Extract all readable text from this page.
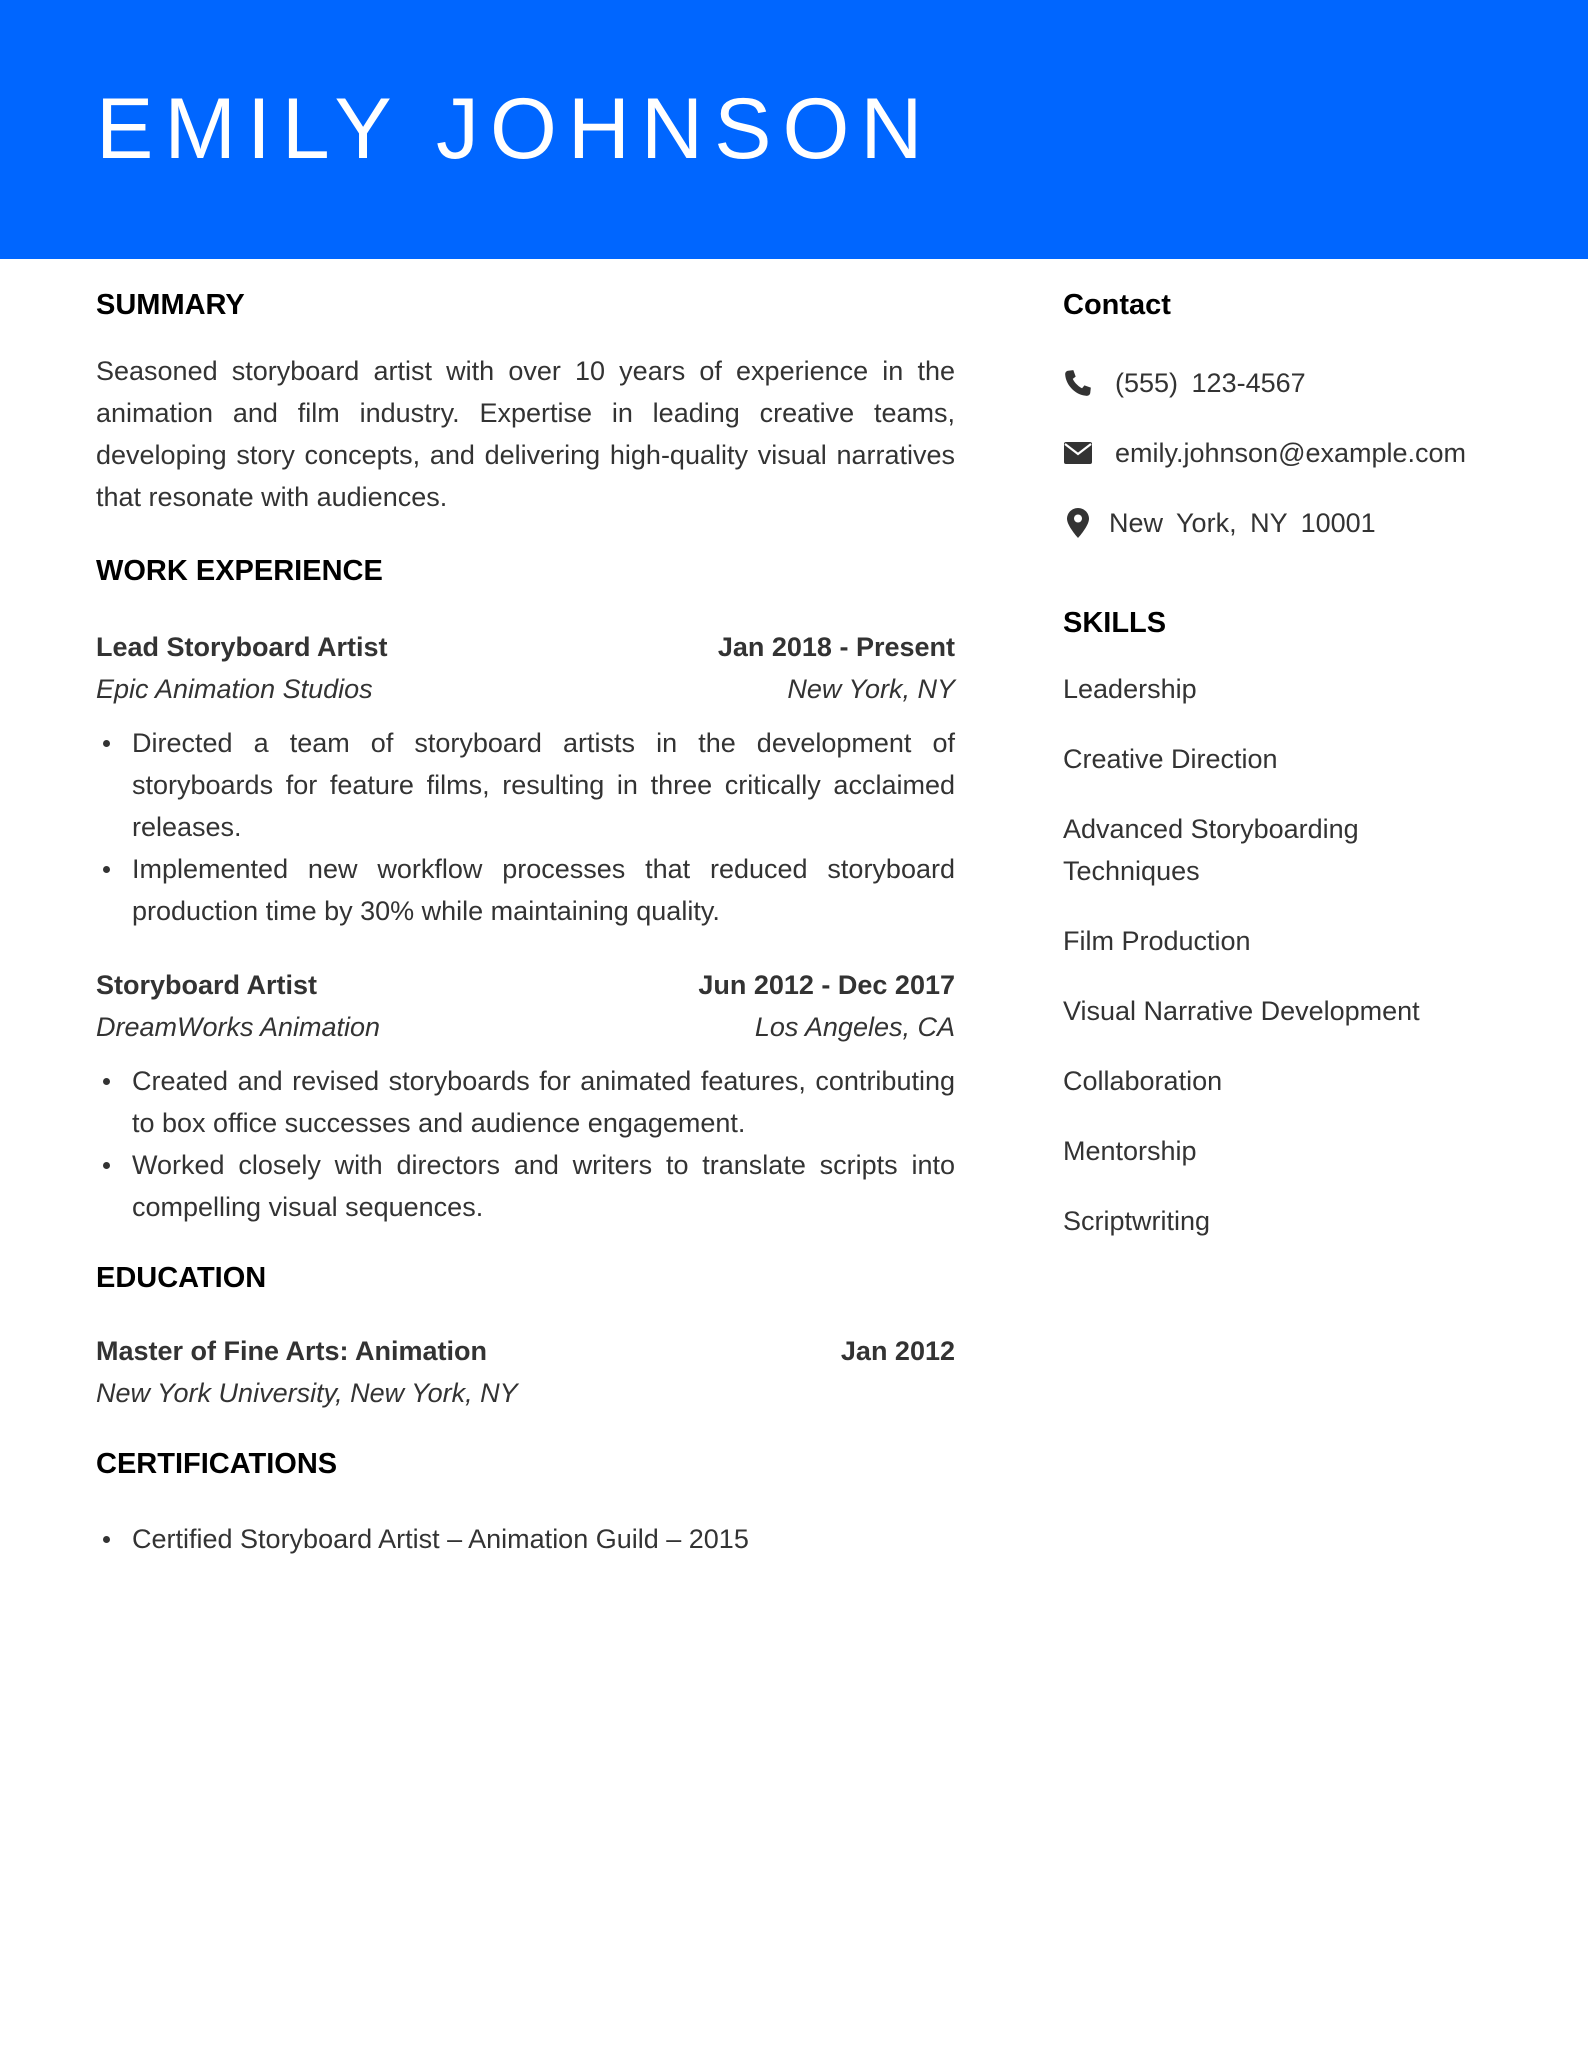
EMILY JOHNSON
SUMMARY

Seasoned storyboard artist with over 10 years of experience in the animation and film industry. Expertise in leading creative teams, developing story concepts, and delivering high-quality visual narratives that resonate with audiences.

WORK EXPERIENCE
Lead Storyboard Artist	Jan 2018 - Present
Epic Animation Studios	New York, NY
Directed a team of storyboard artists in the development of storyboards for feature films, resulting in three critically acclaimed releases.
Implemented new workflow processes that reduced storyboard production time by 30% while maintaining quality.
Storyboard Artist	Jun 2012 - Dec 2017
DreamWorks Animation	Los Angeles, CA
Created and revised storyboards for animated features, contributing to box office successes and audience engagement.
Worked closely with directors and writers to translate scripts into compelling visual sequences.
EDUCATION
Master of Fine Arts: Animation	Jan 2012
New York University, New York, NY
CERTIFICATIONS
Certified Storyboard Artist – Animation Guild – 2015
Contact
(555) 123-4567
emily.johnson@example.com
New York, NY 10001
SKILLS
Leadership
Creative Direction
Advanced Storyboarding Techniques
Film Production
Visual Narrative Development
Collaboration
Mentorship
Scriptwriting
